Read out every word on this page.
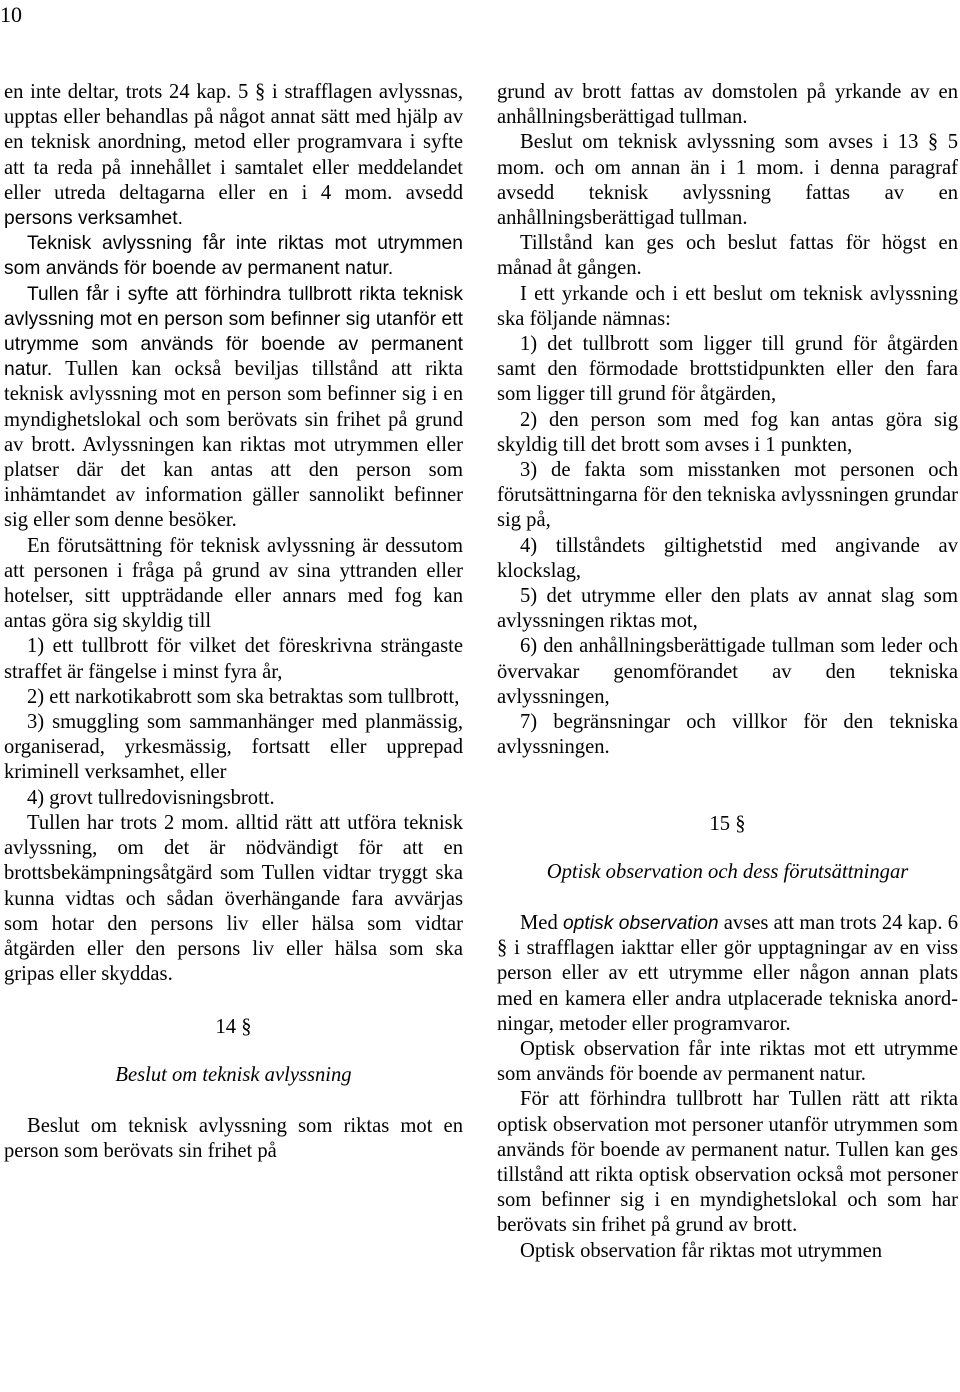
10

en inte deltar, trots 24 kap. 5 § i strafflagen avlyssnas, upptas eller behandlas på något annat sätt med hjälp av en teknisk anordning, metod eller programvara i syfte att ta reda på innehållet i samtalet eller meddelandet eller utreda deltagarna eller en i 4 mom. avsedd persons verksamhet.

Teknisk avlyssning får inte riktas mot utrymmen som används för boende av permanent natur.

Tullen får i syfte att förhindra tullbrott rikta teknisk avlyssning mot en person som befinner sig utanför ett utrymme som används för boende av permanent natur. Tullen kan också beviljas tillstånd att rikta teknisk avlyssning mot en person som befinner sig i en myndighetslokal och som berövats sin frihet på grund av brott. Avlyssningen kan riktas mot utrymmen eller platser där det kan antas att den person som inhämtandet av information gäller sannolikt befinner sig eller som denne besöker.

En förutsättning för teknisk avlyssning är dessutom att personen i fråga på grund av sina yttranden eller hotelser, sitt uppträdande eller annars med fog kan antas göra sig skyldig till

1) ett tullbrott för vilket det föreskrivna strängaste straffet är fängelse i minst fyra år,

2) ett narkotikabrott som ska betraktas som tullbrott,

3) smuggling som sammanhänger med planmässig, organiserad, yrkesmässig, fortsatt eller upprepad kriminell verksamhet, eller

4) grovt tullredovisningsbrott.

Tullen har trots 2 mom. alltid rätt att utföra teknisk avlyssning, om det är nödvändigt för att en brottsbekämpningsåtgärd som Tullen vidtar tryggt ska kunna vidtas och sådan överhängande fara avvärjas som hotar den persons liv eller hälsa som vidtar åtgärden eller den persons liv eller hälsa som ska gripas eller skyddas.

14 §

Beslut om teknisk avlyssning

Beslut om teknisk avlyssning som riktas mot en person som berövats sin frihet på

grund av brott fattas av domstolen på yrkande av en anhållningsberättigad tullman.

Beslut om teknisk avlyssning som avses i 13 § 5 mom. och om annan än i 1 mom. i denna paragraf avsedd teknisk avlyssning fattas av en anhållningsberättigad tullman.

Tillstånd kan ges och beslut fattas för högst en månad åt gången.

I ett yrkande och i ett beslut om teknisk avlyssning ska följande nämnas:

1) det tullbrott som ligger till grund för åtgärden samt den förmodade brottstidpunkten eller den fara som ligger till grund för åtgärden,

2) den person som med fog kan antas göra sig skyldig till det brott som avses i 1 punkten,

3) de fakta som misstanken mot personen och förutsättningarna för den tekniska avlyssningen grundar sig på,

4) tillståndets giltighetstid med angivande av klockslag,

5) det utrymme eller den plats av annat slag som avlyssningen riktas mot,

6) den anhållningsberättigade tullman som leder och övervakar genomförandet av den tekniska avlyssningen,

7) begränsningar och villkor för den tekniska avlyssningen.

15 §

Optisk observation och dess förutsättningar

Med optisk observation avses att man trots 24 kap. 6 § i strafflagen iakttar eller gör upptagningar av en viss person eller av ett utrymme eller någon annan plats med en kamera eller andra utplacerade tekniska anordningar, metoder eller programvaror.

Optisk observation får inte riktas mot ett utrymme som används för boende av permanent natur.

För att förhindra tullbrott har Tullen rätt att rikta optisk observation mot personer utanför utrymmen som används för boende av permanent natur. Tullen kan ges tillstånd att rikta optisk observation också mot personer som befinner sig i en myndighetslokal och som har berövats sin frihet på grund av brott.

Optisk observation får riktas mot utrymmen
